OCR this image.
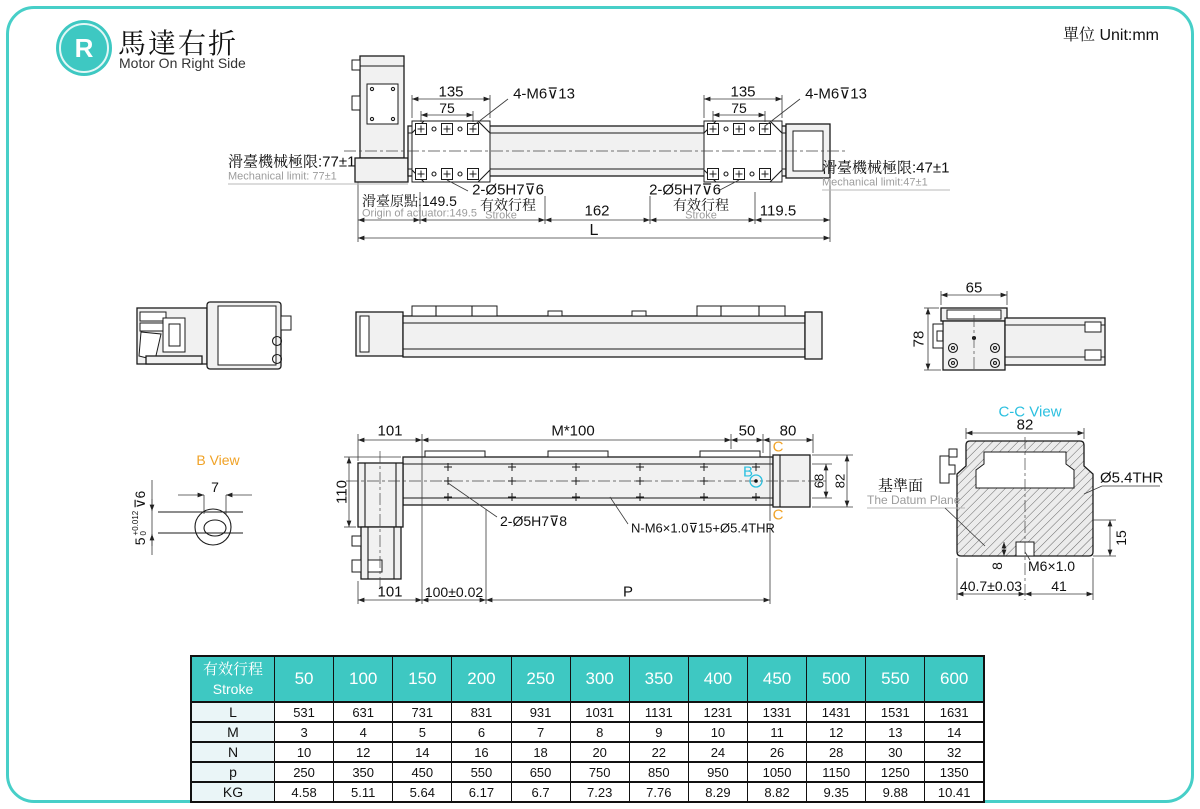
R 馬達右折
Motor On Right Side
單位 Unit:mm
135
75
4-M6⊽13	135
75
4-M6⊽13
2-Ø5H7⊽6
有效行程
Stroke
2-Ø5H7⊽6
有效行程
Stroke
162	119.5
L
滑臺機械極限:77±1
Mechanical limit: 77±1	滑臺機械極限:47±1
Mechanical limit:47±1
滑臺原點:149.5
Origin of actuator:149.5
65
78
101	M*100	50 80
C
C
B
68 82
110
2-Ø5H7⊽8	N-M6×1.0⊽15+Ø5.4THR
101 100±0.02	P
B View
7
5
+0.012 0
⊽6
C-C View
82
Ø5.4THR
15
M6×1.0
8
40.7±0.03 41
基準面
The Datum Plane
有效行程
Stroke	50	100	150	200	250	300	350	400	450	500	550	600
L	531	631	731	831	931	1031	1131	1231	1331	1431	1531	1631
M	3	4	5	6	7	8	9	10	11	12	13	14
N	10	12	14	16	18	20	22	24	26	28	30	32
p	250	350	450	550	650	750	850	950	1050	1150	1250	1350
KG	4.58	5.11	5.64	6.17	6.7	7.23	7.76	8.29	8.82	9.35	9.88	10.41
